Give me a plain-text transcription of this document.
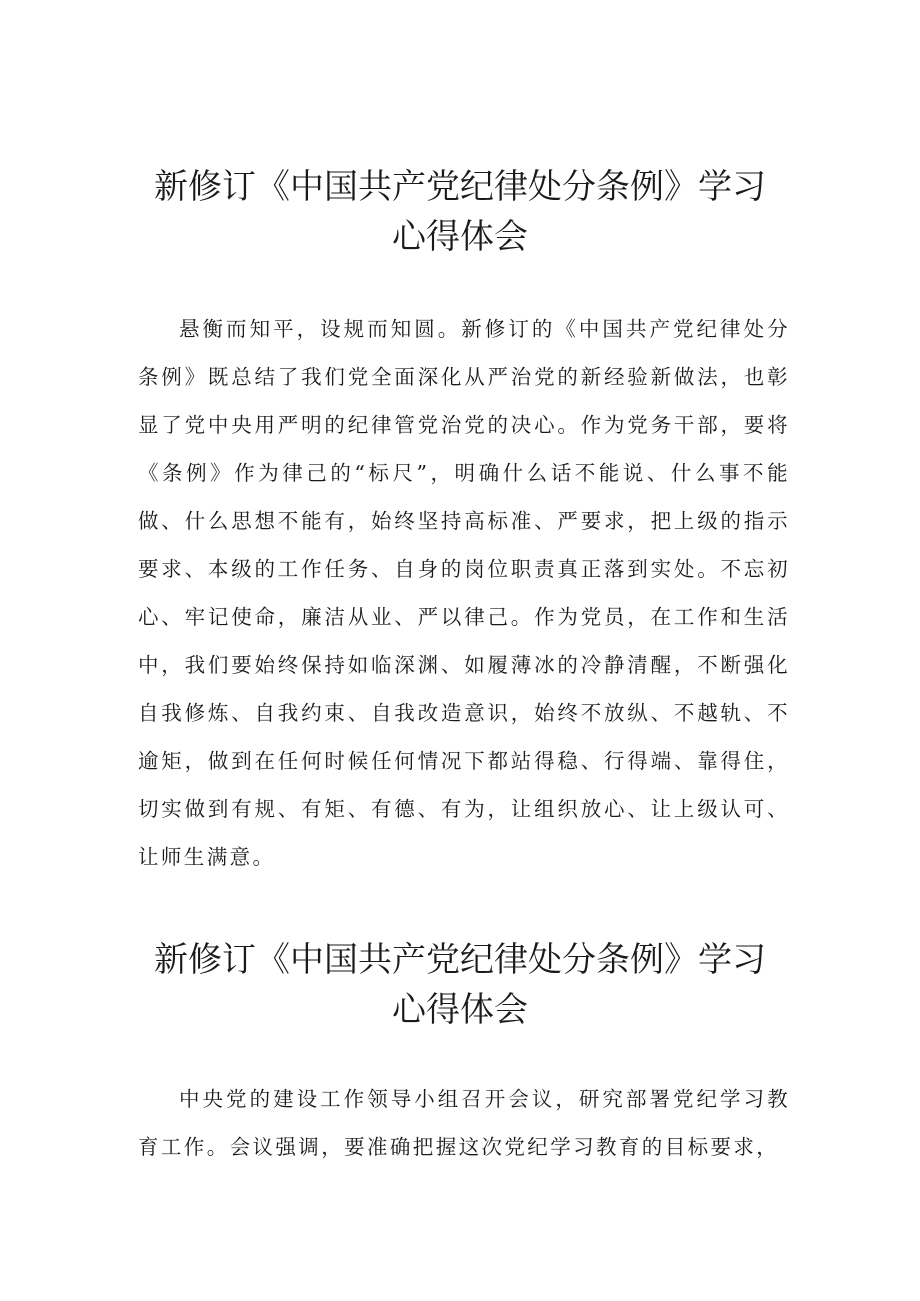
新修订《中国共产党纪律处分条例》学习
心得体会

悬衡而知平，设规而知圆。新修订的《中国共产党纪律处分条例》既总结了我们党全面深化从严治党的新经验新做法，也彰显了党中央用严明的纪律管党治党的决心。作为党务干部，要将《条例》作为律己的“标尺”，明确什么话不能说、什么事不能做、什么思想不能有，始终坚持高标准、严要求，把上级的指示要求、本级的工作任务、自身的岗位职责真正落到实处。不忘初心、牢记使命，廉洁从业、严以律己。作为党员，在工作和生活中，我们要始终保持如临深渊、如履薄冰的冷静清醒，不断强化自我修炼、自我约束、自我改造意识，始终不放纵、不越轨、不逾矩，做到在任何时候任何情况下都站得稳、行得端、靠得住，切实做到有规、有矩、有德、有为，让组织放心、让上级认可、让师生满意。

新修订《中国共产党纪律处分条例》学习
心得体会

中央党的建设工作领导小组召开会议，研究部署党纪学习教育工作。会议强调，要准确把握这次党纪学习教育的目标要求，
